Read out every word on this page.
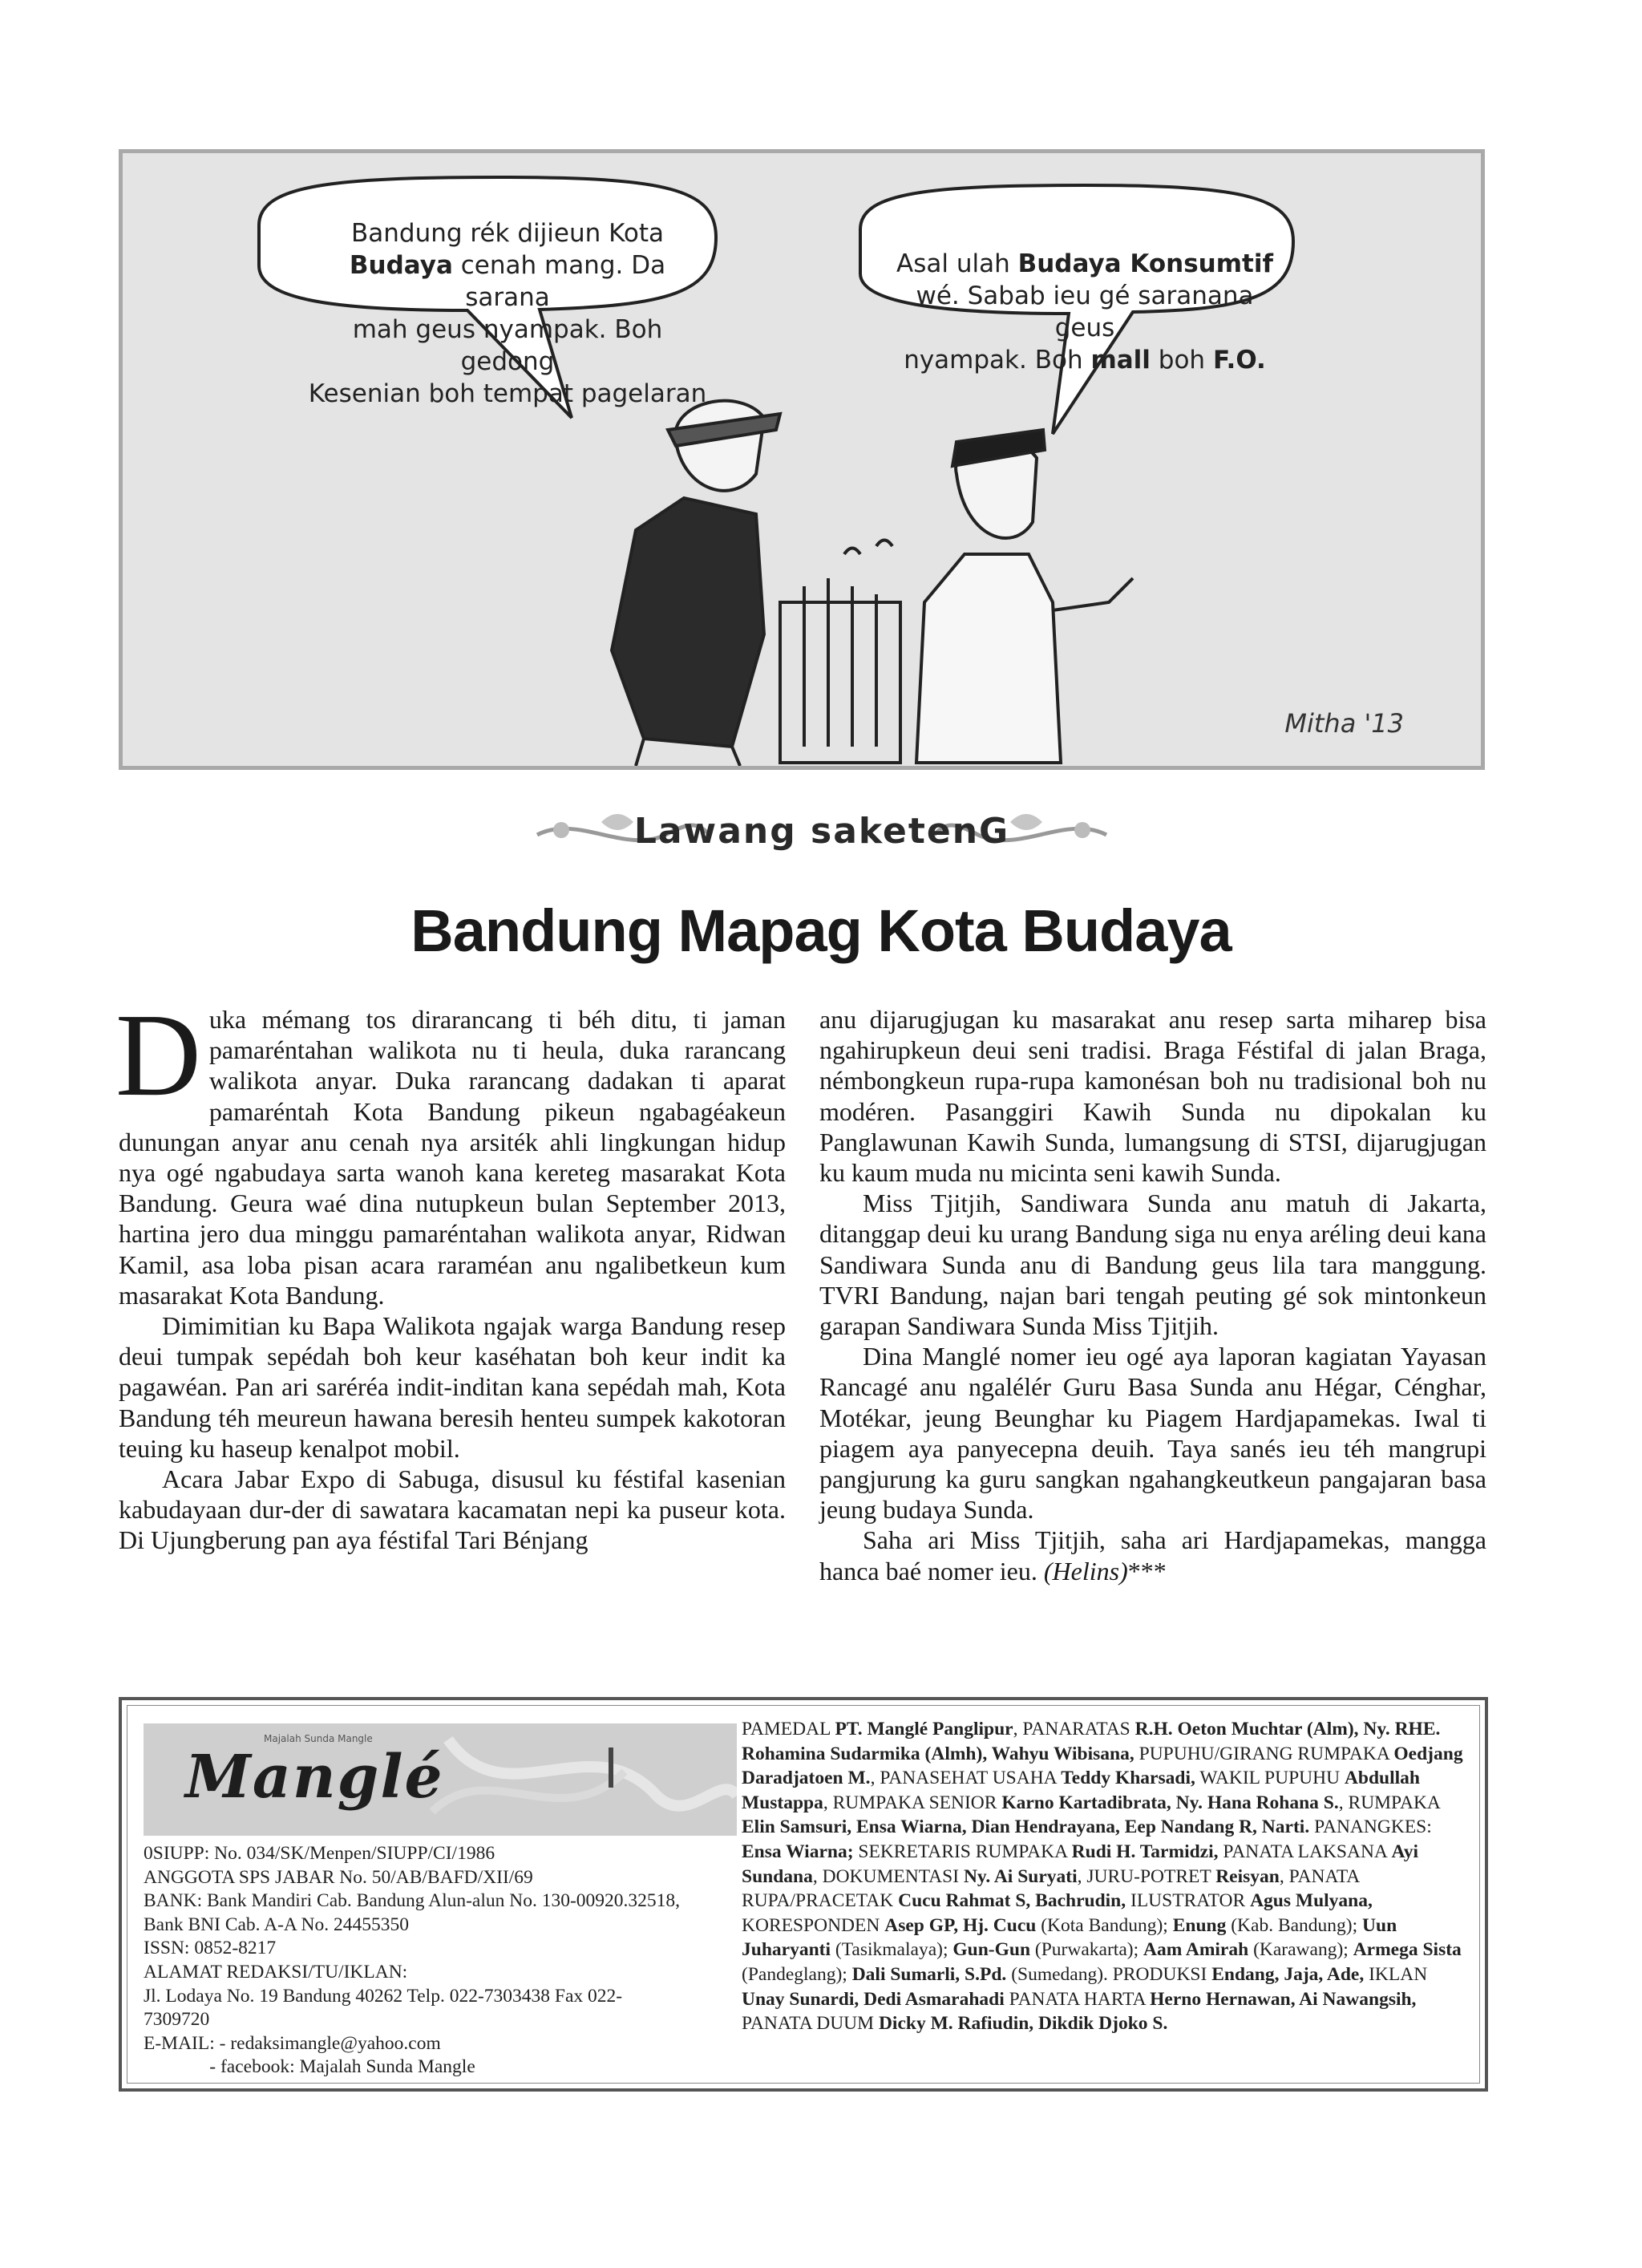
Bandung rék dijieun Kota
Budaya cenah mang. Da sarana
mah geus nyampak. Boh gedong
Kesenian boh tempat pagelaran
Asal ulah Budaya Konsumtif
wé. Sabab ieu gé saranana geus
nyampak. Boh mall boh F.O.
Mitha '13
Lawang saketenG
Bandung Mapag Kota Budaya

Duka mémang tos dirarancang ti béh ditu, ti jaman pamaréntahan walikota nu ti heula, duka rarancang walikota anyar. Duka rarancang dadakan ti aparat pamaréntah Kota Bandung pikeun ngabagéakeun dunungan anyar anu cenah nya arsiték ahli lingkungan hidup nya ogé ngabudaya sarta wanoh kana kereteg masarakat Kota Bandung. Geura waé dina nutupkeun bulan September 2013, hartina jero dua minggu pamaréntahan walikota anyar, Ridwan Kamil, asa loba pisan acara raraméan anu ngalibetkeun kum masarakat Kota Bandung.

Dimimitian ku Bapa Walikota ngajak warga Bandung resep deui tumpak sepédah boh keur kaséhatan boh keur indit ka pagawéan. Pan ari saréréa indit-inditan kana sepédah mah, Kota Bandung téh meureun hawana beresih henteu sumpek kakotoran teuing ku haseup kenalpot mobil.

Acara Jabar Expo di Sabuga, disusul ku féstifal kasenian kabudayaan dur-der di sawatara kacamatan nepi ka puseur kota. Di Ujungberung pan aya féstifal Tari Bénjang

anu dijarugjugan ku masarakat anu resep sarta miharep bisa ngahirupkeun deui seni tradisi. Braga Féstifal di jalan Braga, némbongkeun rupa-rupa kamonésan boh nu tradisional boh nu modéren. Pasanggiri Kawih Sunda nu dipokalan ku Panglawunan Kawih Sunda, lumangsung di STSI, dijarugjugan ku kaum muda nu micinta seni kawih Sunda.

Miss Tjitjih, Sandiwara Sunda anu matuh di Jakarta, ditanggap deui ku urang Bandung siga nu enya aréling deui kana Sandiwara Sunda anu di Bandung geus lila tara manggung. TVRI Bandung, najan bari tengah peuting gé sok mintonkeun garapan Sandiwara Sunda Miss Tjitjih.

Dina Manglé nomer ieu ogé aya laporan kagiatan Yayasan Rancagé anu ngalélér Guru Basa Sunda anu Hégar, Cénghar, Motékar, jeung Beunghar ku Piagem Hardjapamekas. Iwal ti piagem aya panyecepna deuih. Taya sanés ieu téh mangrupi pangjurung ka guru sangkan ngahangkeutkeun pangajaran basa jeung budaya Sunda.

Saha ari Miss Tjitjih, saha ari Hardjapamekas, mangga hanca baé nomer ieu. (Helins)***

Manglé
Majalah Sunda Mangle
0SIUPP: No. 034/SK/Menpen/SIUPP/CI/1986
ANGGOTA SPS JABAR No. 50/AB/BAFD/XII/69
BANK: Bank Mandiri Cab. Bandung Alun-alun No. 130-00920.32518,
Bank BNI Cab. A-A No. 24455350
ISSN: 0852-8217
ALAMAT REDAKSI/TU/IKLAN:
Jl. Lodaya No. 19 Bandung 40262 Telp. 022-7303438 Fax 022-
7309720
E-MAIL: - redaksimangle@yahoo.com
- facebook: Majalah Sunda Mangle
PAMEDAL PT. Manglé Panglipur, PANARATAS R.H. Oeton Muchtar (Alm), Ny. RHE. Rohamina Sudarmika (Almh), Wahyu Wibisana, PUPUHU/GIRANG RUMPAKA Oedjang Daradjatoen M., PANASEHAT USAHA Teddy Kharsadi, WAKIL PUPUHU Abdullah Mustappa, RUMPAKA SENIOR Karno Kartadibrata, Ny. Hana Rohana S., RUMPAKA Elin Samsuri, Ensa Wiarna, Dian Hendrayana, Eep Nandang R, Narti. PANANGKES: Ensa Wiarna; SEKRETARIS RUMPAKA Rudi H. Tarmidzi, PANATA LAKSANA Ayi Sundana, DOKUMENTASI Ny. Ai Suryati, JURU-POTRET Reisyan, PANATA RUPA/PRACETAK Cucu Rahmat S, Bachrudin, ILUSTRATOR Agus Mulyana, KORESPONDEN Asep GP, Hj. Cucu (Kota Bandung); Enung (Kab. Bandung); Uun Juharyanti (Tasikmalaya); Gun-Gun (Purwakarta); Aam Amirah (Karawang); Armega Sista (Pandeglang); Dali Sumarli, S.Pd. (Sumedang). PRODUKSI Endang, Jaja, Ade, IKLAN Unay Sunardi, Dedi Asmarahadi PANATA HARTA Herno Hernawan, Ai Nawangsih, PANATA DUUM Dicky M. Rafiudin, Dikdik Djoko S.
